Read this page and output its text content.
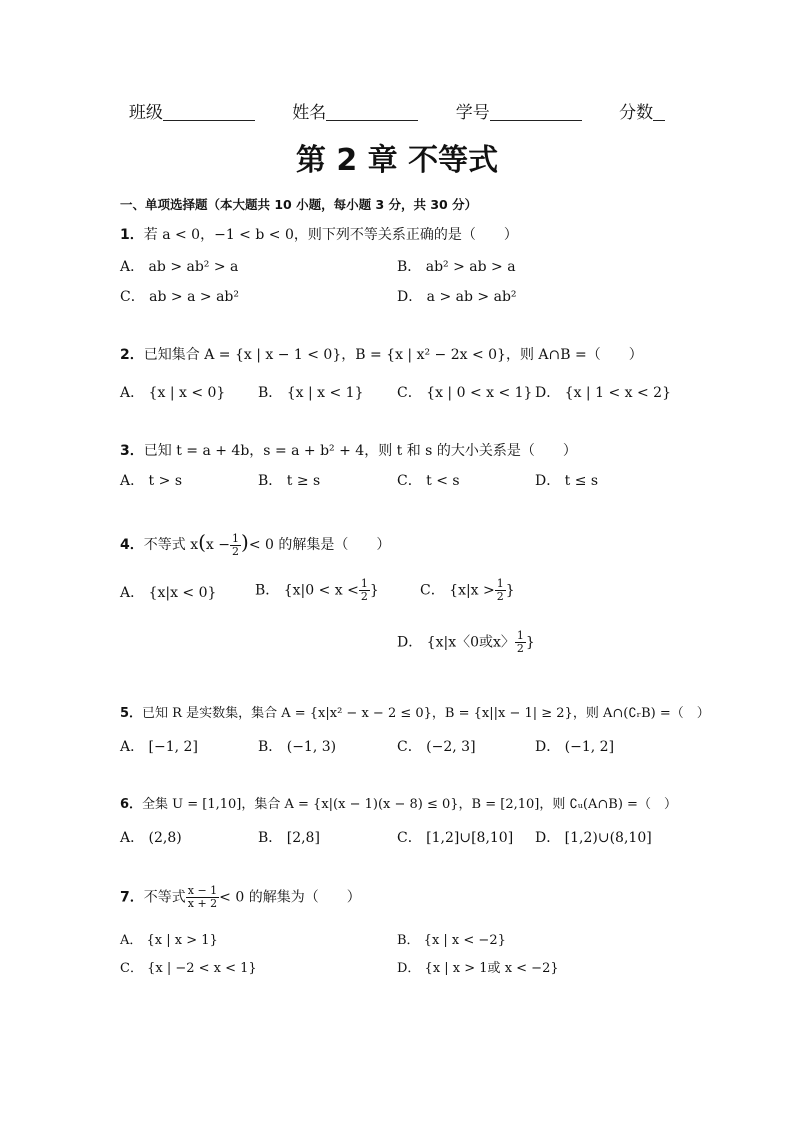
班级	姓名	学号	分数
第 2 章 不等式
一、单项选择题（本大题共 10 小题，每小题 3 分，共 30 分）
1．若 a < 0，−1 < b < 0，则下列不等关系正确的是（　　）
A． ab > ab² > a	B． ab² > ab > a
C． ab > a > ab²	D． a > ab > ab²
2．已知集合 A = {x | x − 1 < 0}，B = {x | x² − 2x < 0}，则 A∩B =（　　）
A． {x | x < 0} B． {x | x < 1} C． {x | 0 < x < 1} D． {x | 1 < x < 2}
3．已知 t = a + 4b，s = a + b² + 4，则 t 和 s 的大小关系是（　　）
A． t > s	B． t ≥ s	C． t < s	D． t ≤ s
4．不等式 $x(x - \frac{1}{2}$ )< 0 的解集是（　　）
A． {x|x < 0}	B． {$x|0 < x < \frac{1}{2}$ }	C． {$x|x > \frac{1}{2}$ }
D． {x|x〈0或x〉 $\frac{1}{2}$ }
5．已知 R 是实数集，集合 A = {x|x² − x − 2 ≤ 0}，B = {x||x − 1| ≥ 2}，则 A∩(∁ᵣB) =（　）
A． [−1, 2]	B． (−1, 3)	C． (−2, 3]	D． (−1, 2]
6．全集 U = [1,10]，集合 A = {x|(x − 1)(x − 8) ≤ 0}，B = [2,10]，则 ∁ᵤ(A∩B) =（　）
A． (2,8)	B． [2,8]	C． [1,2]∪[8,10] D． [1,2)∪(8,10]
7．不等式 $\frac{x - 1}{x + 2} < 0$ 的解集为（　　）
A． {x | x > 1}	B． {x | x < −2}
C． {x | −2 < x < 1}	D． {x | x > 1或 x < −2}
